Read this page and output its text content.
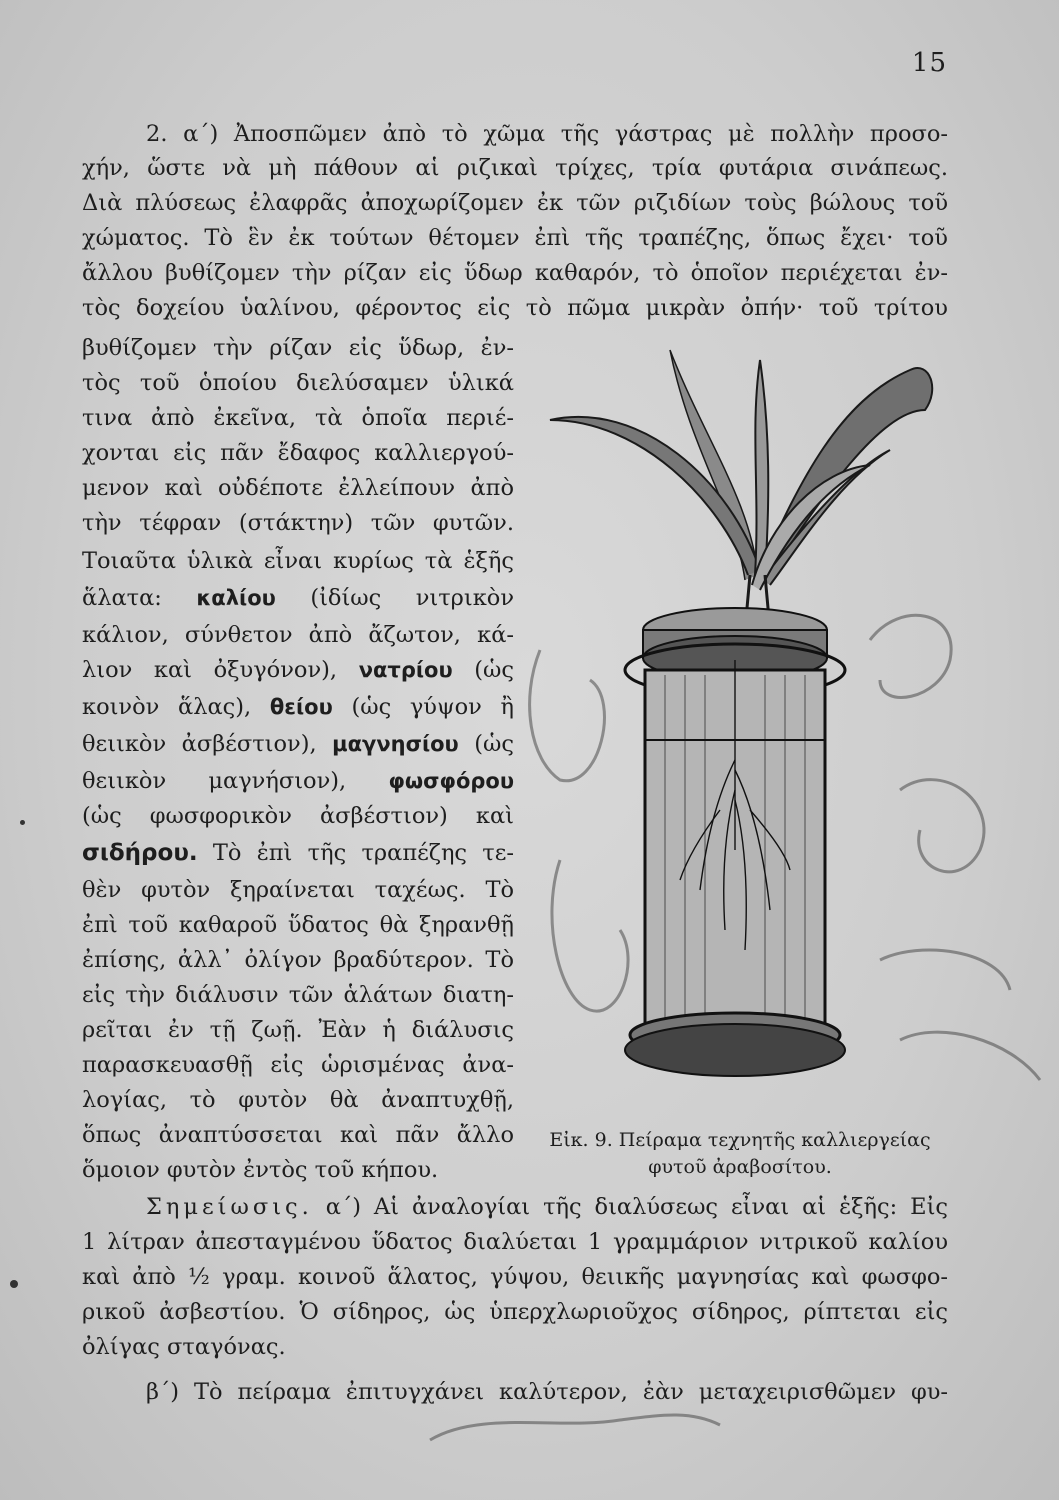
15
2. α΄) Ἀποσπῶμεν ἀπὸ τὸ χῶμα τῆς γάστρας μὲ πολλὴν προσο-
χήν, ὥστε νὰ μὴ πάθουν αἱ ριζικαὶ τρίχες, τρία φυτάρια σινάπεως.
Διὰ πλύσεως ἐλαφρᾶς ἀποχωρίζομεν ἐκ τῶν ριζιδίων τοὺς βώλους τοῦ
χώματος. Τὸ ἓν ἐκ τούτων θέτομεν ἐπὶ τῆς τραπέζης, ὅπως ἔχει· τοῦ
ἄλλου βυθίζομεν τὴν ρίζαν εἰς ὕδωρ καθαρόν, τὸ ὁποῖον περιέχεται ἐν-
τὸς δοχείου ὑαλίνου, φέροντος εἰς τὸ πῶμα μικρὰν ὀπήν· τοῦ τρίτου
βυθίζομεν τὴν ρίζαν εἰς ὕδωρ, ἐν-
τὸς τοῦ ὁποίου διελύσαμεν ὑλικά
τινα ἀπὸ ἐκεῖνα, τὰ ὁποῖα περιέ-
χονται εἰς πᾶν ἔδαφος καλλιεργού-
μενον καὶ οὐδέποτε ἐλλείπουν ἀπὸ
τὴν τέφραν (στάκτην) τῶν φυτῶν.
Τοιαῦτα ὑλικὰ εἶναι κυρίως τὰ ἑξῆς
ἅλατα: καλίου (ἰδίως νιτρικὸν
κάλιον, σύνθετον ἀπὸ ἄζωτον, κά-
λιον καὶ ὀξυγόνον), νατρίου (ὡς
κοινὸν ἅλας), θείου (ὡς γύψον ἢ
θειικὸν ἀσβέστιον), μαγνησίου (ὡς
θειικὸν μαγνήσιον), φωσφόρου
(ὡς φωσφορικὸν ἀσβέστιον) καὶ
σιδήρου. Τὸ ἐπὶ τῆς τραπέζης τε-
θὲν φυτὸν ξηραίνεται ταχέως. Τὸ
ἐπὶ τοῦ καθαροῦ ὕδατος θὰ ξηρανθῇ
ἐπίσης, ἀλλ᾽ ὀλίγον βραδύτερον. Τὸ
εἰς τὴν διάλυσιν τῶν ἁλάτων διατη-
ρεῖται ἐν τῇ ζωῇ. Ἐὰν ἡ διάλυσις
παρασκευασθῇ εἰς ὡρισμένας ἀνα-
λογίας, τὸ φυτὸν θὰ ἀναπτυχθῇ,
ὅπως ἀναπτύσσεται καὶ πᾶν ἄλλο
ὅμοιον φυτὸν ἐντὸς τοῦ κήπου.
Εἰκ. 9. Πείραμα τεχνητῆς καλλιεργείας
φυτοῦ ἀραβοσίτου.
Σημείωσις. α΄) Αἱ ἀναλογίαι τῆς διαλύσεως εἶναι αἱ ἑξῆς: Εἰς
1 λίτραν ἀπεσταγμένου ὕδατος διαλύεται 1 γραμμάριον νιτρικοῦ καλίου
καὶ ἀπὸ ½ γραμ. κοινοῦ ἅλατος, γύψου, θειικῆς μαγνησίας καὶ φωσφο-
ρικοῦ ἀσβεστίου. Ὁ σίδηρος, ὡς ὑπερχλωριοῦχος σίδηρος, ρίπτεται εἰς
ὀλίγας σταγόνας.
β΄) Τὸ πείραμα ἐπιτυγχάνει καλύτερον, ἐὰν μεταχειρισθῶμεν φυ-
